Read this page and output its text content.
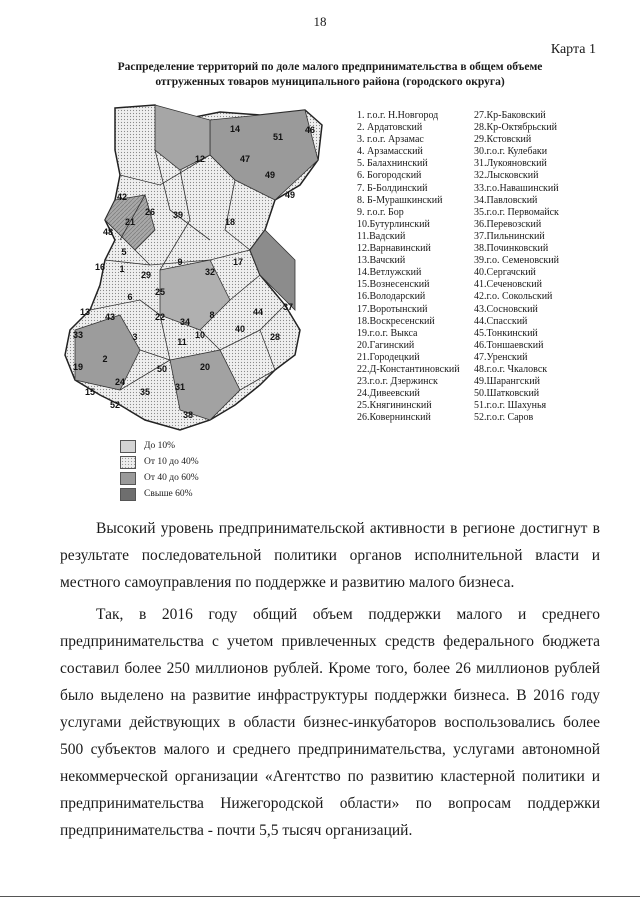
18
Карта 1
Распределение территорий по доле малого предпринимательства в общем объеме
отгруженных товаров муниципального района (городского округа)
14
51
46
12	47
49
49
26 39
18
42
21
48
5
9
32
17
16 1
29
6 25
44 37
13 43	22 34
8
40
33	3	11
10	28
2
19	50	20
24	31
15	35
52
38
1. г.о.г. Н.Новгород
2. Ардатовский
3. г.о.г. Арзамас
4. Арзамасский
5. Балахнинский
6. Богородский
7. Б-Болдинский
8. Б-Мурашкинский
9. г.о.г. Бор
10.Бутурлинский
11.Вадский
12.Варнавинский
13.Вачский
14.Ветлужский
15.Вознесенский
16.Володарский
17.Воротынский
18.Воскресенский
19.г.о.г. Выкса
20.Гагинский
21.Городецкий
22.Д-Константиновский
23.г.о.г. Дзержинск
24.Дивеевский
25.Княгининский
26.Ковернинский
27.Кр-Баковский
28.Кр-Октябрьский
29.Кстовский
30.г.о.г. Кулебаки
31.Лукояновский
32.Лысковский
33.г.о.Навашинский
34.Павловский
35.г.о.г. Первомайск
36.Перевозский
37.Пильнинский
38.Починковский
39.г.о. Семеновский
40.Сергачский
41.Сеченовский
42.г.о. Сокольский
43.Сосновский
44.Спасский
45.Тонкинский
46.Тоншаевский
47.Уренский
48.г.о.г. Чкаловск
49.Шарангский
50.Шатковский
51.г.о.г. Шахунья
52.г.о.г. Саров
До 10%
От 10 до 40%
От 40 до 60%
Свыше 60%

Высокий уровень предпринимательской активности в регионе достигнут в результате последовательной политики органов исполнительной власти и местного самоуправления по поддержке и развитию малого бизнеса.

Так, в 2016 году общий объем поддержки малого и среднего предпринимательства с учетом привлеченных средств федерального бюджета составил более 250 миллионов рублей. Кроме того, более 26 миллионов рублей было выделено на развитие инфраструктуры поддержки бизнеса. В 2016 году услугами действующих в области бизнес-инкубаторов воспользовались более 500 субъектов малого и среднего предпринимательства, услугами автономной некоммерческой организации «Агентство по развитию кластерной политики и предпринимательства Нижегородской области» по вопросам поддержки предпринимательства - почти 5,5 тысяч организаций.
